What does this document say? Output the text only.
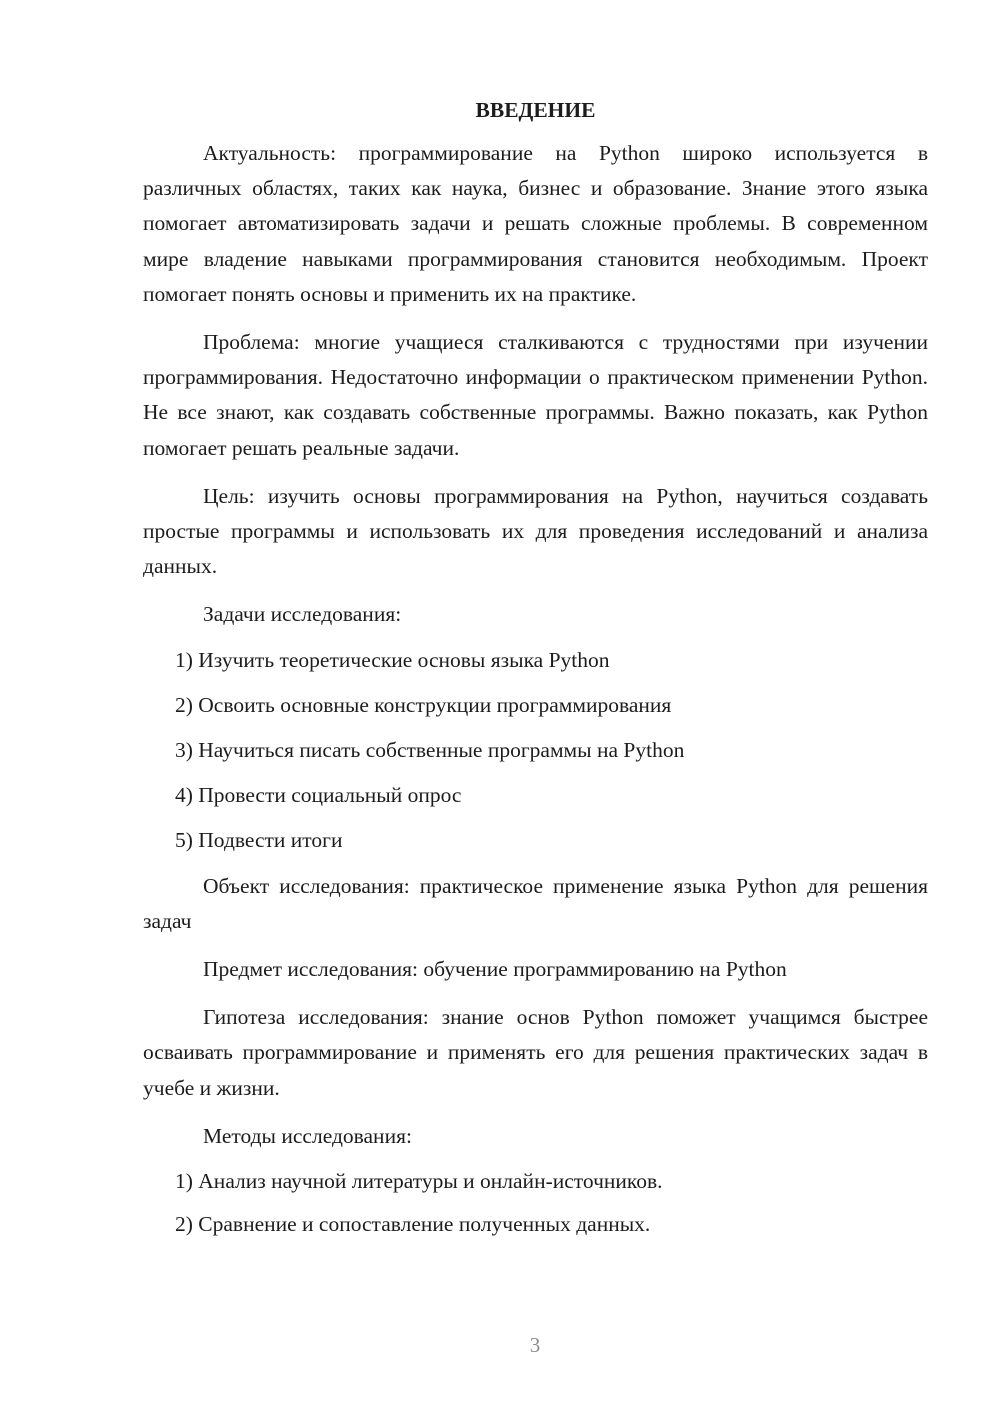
ВВЕДЕНИЕ

Актуальность: программирование на Python широко используется в различных областях, таких как наука, бизнес и образование. Знание этого языка помогает автоматизировать задачи и решать сложные проблемы. В современном мире владение навыками программирования становится необходимым. Проект помогает понять основы и применить их на практике.

Проблема: многие учащиеся сталкиваются с трудностями при изучении программирования. Недостаточно информации о практическом применении Python. Не все знают, как создавать собственные программы. Важно показать, как Python помогает решать реальные задачи.

Цель: изучить основы программирования на Python, научиться создавать простые программы и использовать их для проведения исследований и анализа данных.

Задачи исследования:

1) Изучить теоретические основы языка Python
2) Освоить основные конструкции программирования
3) Научиться писать собственные программы на Python
4) Провести социальный опрос
5) Подвести итоги

Объект исследования: практическое применение языка Python для решения задач

Предмет исследования: обучение программированию на Python

Гипотеза исследования: знание основ Python поможет учащимся быстрее осваивать программирование и применять его для решения практических задач в учебе и жизни.

Методы исследования:

1) Анализ научной литературы и онлайн-источников.
2) Сравнение и сопоставление полученных данных.
3
